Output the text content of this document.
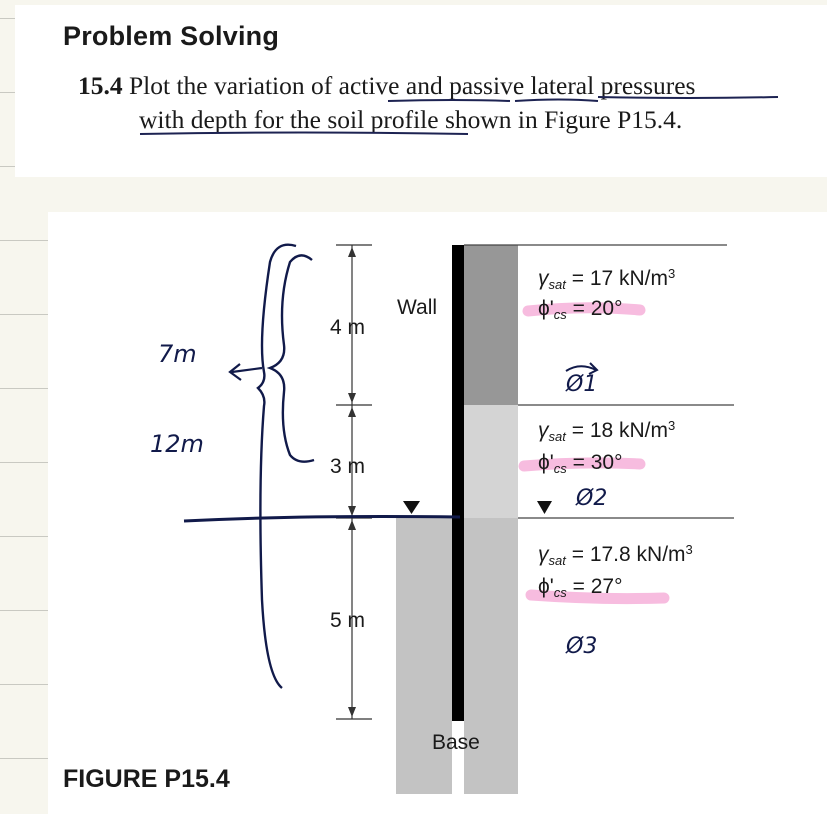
Problem Solving
15.4 Plot the variation of active and passive lateral pressures
with depth for the soil profile shown in Figure P15.4.
Wall
4 m
3 m
5 m
Base
$\gamma_{sat} = 17$ $kN/m^3$
$\phi'_{cs} = 20^\circ$
$\gamma_{sat} = 18$ $kN/m^3$
$\phi'_{cs} = 30^\circ$
$\gamma_{sat} = 17.8$ $kN/m^3$
$\phi'_{cs} = 27^\circ$
7m
12m
Ø1
Ø2
Ø3
FIGURE P15.4
